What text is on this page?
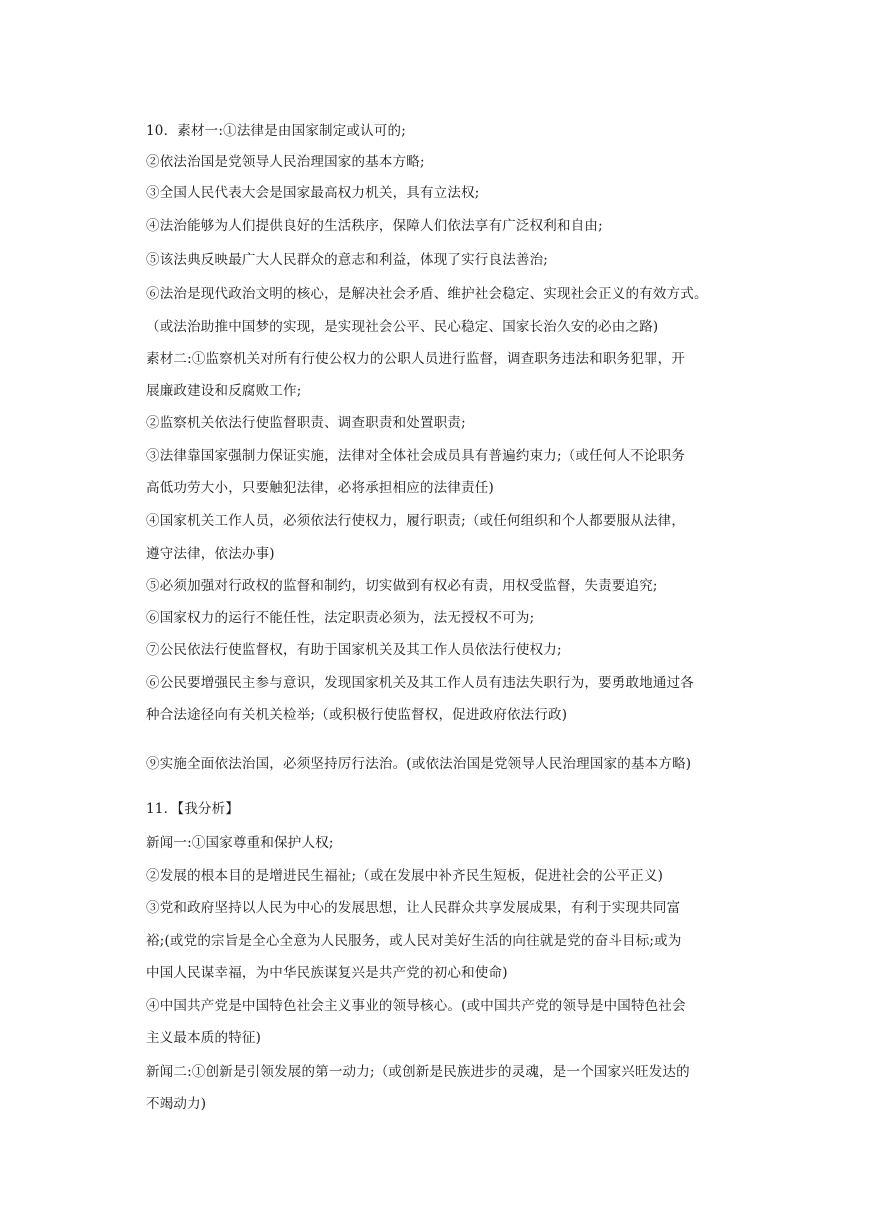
10．素材一:①法律是由国家制定或认可的;
②依法治国是党领导人民治理国家的基本方略;
③全国人民代表大会是国家最高权力机关，具有立法权;
④法治能够为人们提供良好的生活秩序，保障人们依法享有广泛权利和自由;
⑤该法典反映最广大人民群众的意志和利益，体现了实行良法善治;
⑥法治是现代政治文明的核心，是解决社会矛盾、维护社会稳定、实现社会正义的有效方式。
（或法治助推中国梦的实现，是实现社会公平、民心稳定、国家长治久安的必由之路)
素材二:①监察机关对所有行使公权力的公职人员进行监督，调查职务违法和职务犯罪，开
展廉政建设和反腐败工作;
②监察机关依法行使监督职责、调查职责和处置职责;
③法律靠国家强制力保证实施，法律对全体社会成员具有普遍约束力;（或任何人不论职务
高低功劳大小，只要触犯法律，必将承担相应的法律责任)
④国家机关工作人员，必须依法行使权力，履行职责;（或任何组织和个人都要服从法律，
遵守法律，依法办事)
⑤必须加强对行政权的监督和制约，切实做到有权必有责，用权受监督，失责要追究;
⑥国家权力的运行不能任性，法定职责必须为，法无授权不可为;
⑦公民依法行使监督权，有助于国家机关及其工作人员依法行使权力;
⑥公民要增强民主参与意识，发现国家机关及其工作人员有违法失职行为，要勇敢地通过各
种合法途径向有关机关检举;（或积极行使监督权，促进政府依法行政)
⑨实施全面依法治国，必须坚持厉行法治。(或依法治国是党领导人民治理国家的基本方略)
11．【我分析】
新闻一:①国家尊重和保护人权;
②发展的根本目的是增进民生福祉;（或在发展中补齐民生短板，促进社会的公平正义)
③党和政府坚持以人民为中心的发展思想，让人民群众共享发展成果，有利于实现共同富
裕;(或党的宗旨是全心全意为人民服务，或人民对美好生活的向往就是党的奋斗目标;或为
中国人民谋幸福，为中华民族谋复兴是共产党的初心和使命)
④中国共产党是中国特色社会主义事业的领导核心。(或中国共产党的领导是中国特色社会
主义最本质的特征)
新闻二:①创新是引领发展的第一动力;（或创新是民族进步的灵魂，是一个国家兴旺发达的
不竭动力)
